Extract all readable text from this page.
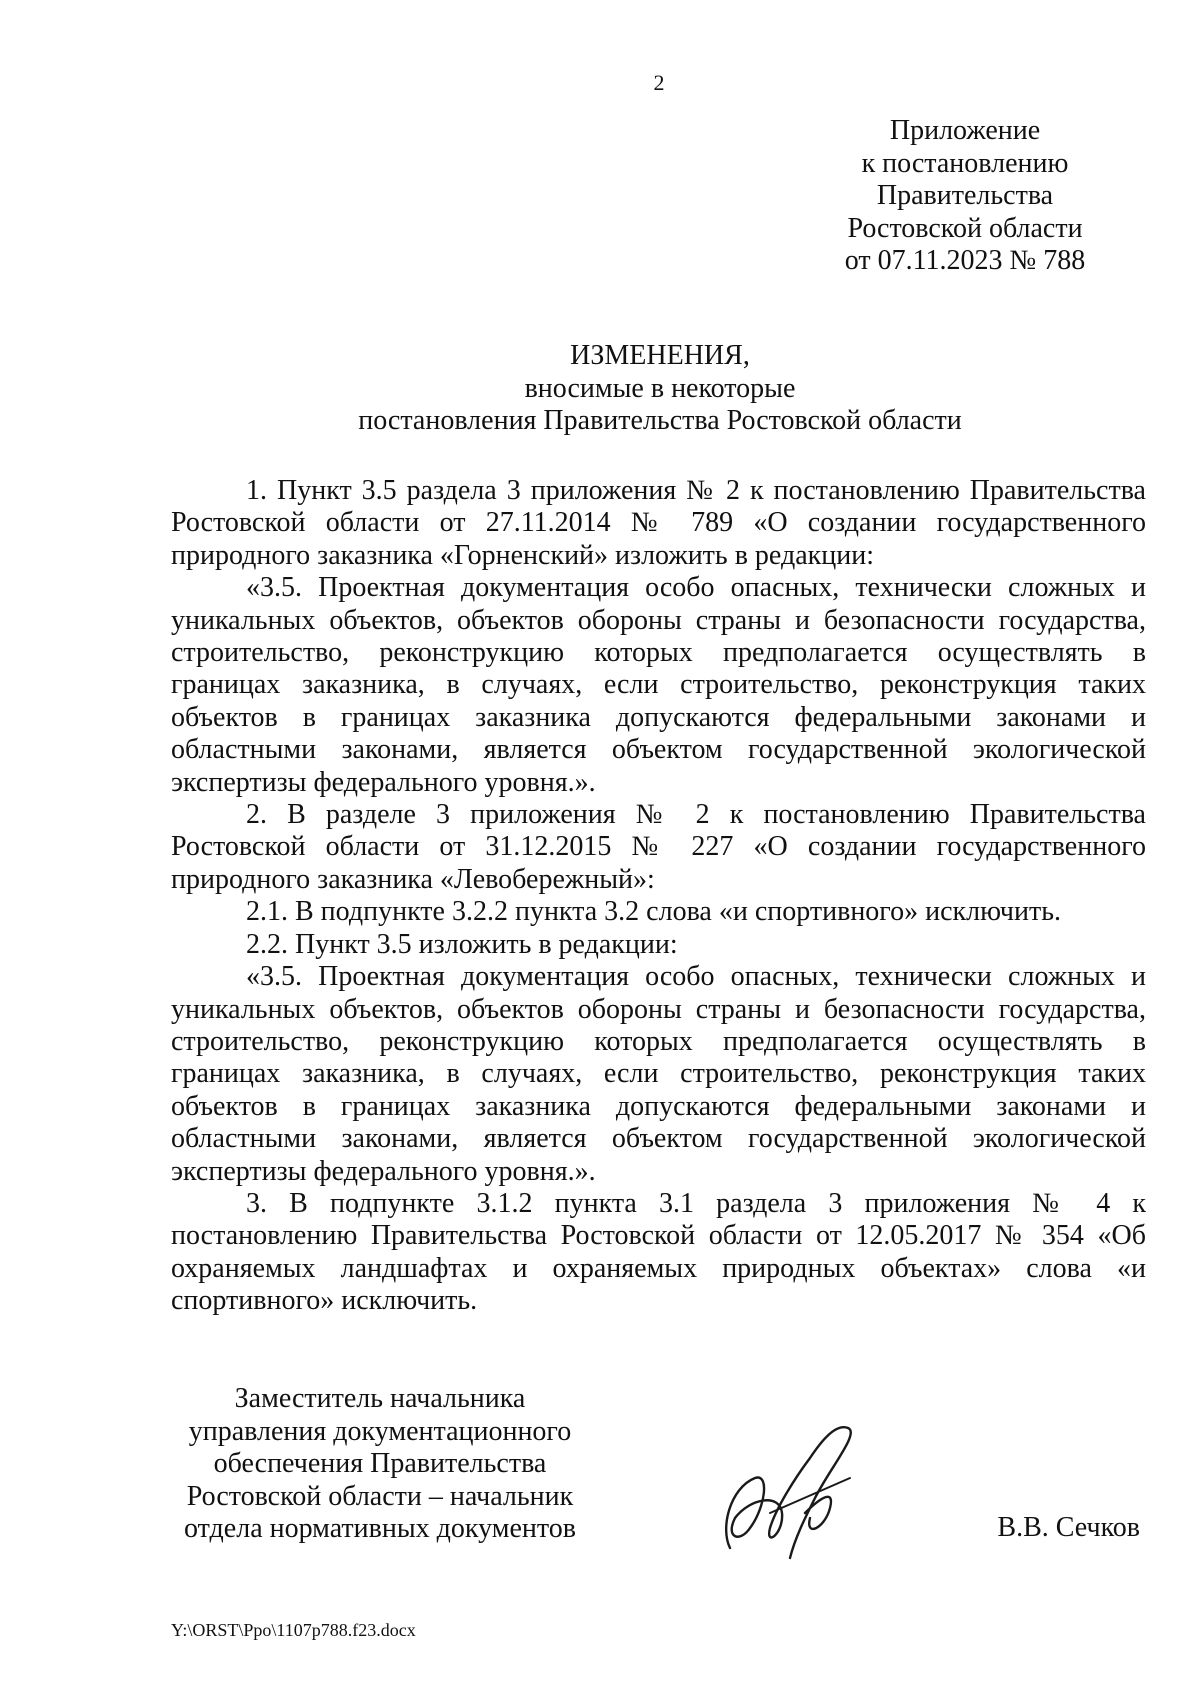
2
Приложение
к постановлению
Правительства
Ростовской области
от 07.11.2023 № 788
ИЗМЕНЕНИЯ,
вносимые в некоторые
постановления Правительства Ростовской области

1. Пункт 3.5 раздела 3 приложения № 2 к постановлению Правительства Ростовской области от 27.11.2014 № 789 «О создании государственного природного заказника «Горненский» изложить в редакции:

«3.5. Проектная документация особо опасных, технически сложных и уникальных объектов, объектов обороны страны и безопасности государства, строительство, реконструкцию которых предполагается осуществлять в границах заказника, в случаях, если строительство, реконструкция таких объектов в границах заказника допускаются федеральными законами и областными законами, является объектом государственной экологической экспертизы федерального уровня.».

2. В разделе 3 приложения № 2 к постановлению Правительства Ростовской области от 31.12.2015 № 227 «О создании государственного природного заказника «Левобережный»:

2.1. В подпункте 3.2.2 пункта 3.2 слова «и спортивного» исключить.

2.2. Пункт 3.5 изложить в редакции:

«3.5. Проектная документация особо опасных, технически сложных и уникальных объектов, объектов обороны страны и безопасности государства, строительство, реконструкцию которых предполагается осуществлять в границах заказника, в случаях, если строительство, реконструкция таких объектов в границах заказника допускаются федеральными законами и областными законами, является объектом государственной экологической экспертизы федерального уровня.».

3. В подпункте 3.1.2 пункта 3.1 раздела 3 приложения № 4 к постановлению Правительства Ростовской области от 12.05.2017 № 354 «Об охраняемых ландшафтах и охраняемых природных объектах» слова «и спортивного» исключить.

Заместитель начальника
управления документационного
обеспечения Правительства
Ростовской области – начальник
отдела нормативных документов	В.В. Сечков
Y:\ORST\Ppo\1107p788.f23.docx
